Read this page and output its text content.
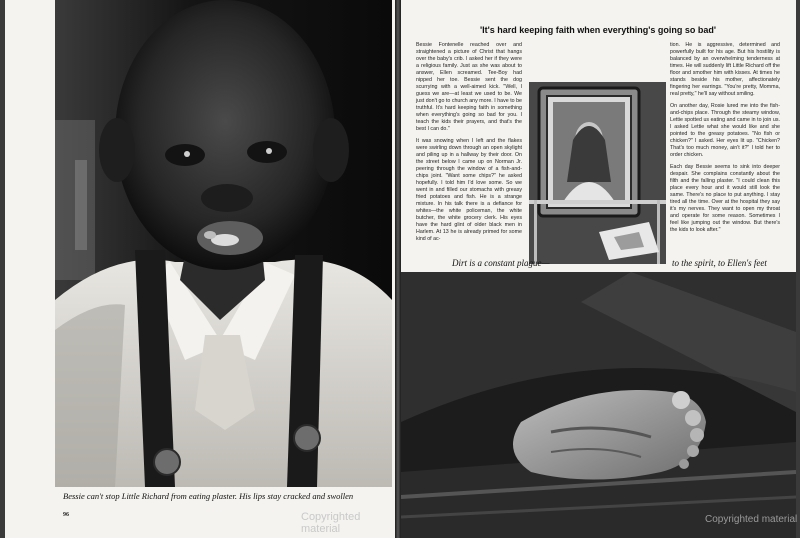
Bessie can't stop Little Richard from eating plaster. His lips stay cracked and swollen
96	Copyrighted material
'It's hard keeping faith when everything's going so bad'

Bessie Fontenelle reached over and straightened a picture of Christ that hangs over the baby's crib. I asked her if they were a religious family. Just as she was about to answer, Ellen screamed. Tee-Boy had nipped her toe. Bessie sent the dog scurrying with a well-aimed kick. "Well, I guess we are—at least we used to be. We just don't go to church any more. I have to be truthful. It's hard keeping faith in something when everything's going so bad for you. I teach the kids their prayers, and that's the best I can do."

It was snowing when I left and the flakes were swirling down through an open skylight and piling up in a hallway by their door. On the street below I came up on Norman Jr. peering through the window of a fish-and-chips joint. "Want some chips?" he asked hopefully. I told him I'd love some. So we went in and filled our stomachs with greasy fried potatoes and fish. He is a strange mixture. In his talk there is a defiance for whites—the white policeman, the white butcher, the white grocery clerk. His eyes have the hard glint of older black men in Harlem. At 13 he is already primed for some kind of ac-

tion. He is aggressive, determined and powerfully built for his age. But his hostility is balanced by an overwhelming tenderness at times. He will suddenly lift Little Richard off the floor and smother him with kisses. At times he stands beside his mother, affectionately fingering her earrings. "You're pretty, Momma, real pretty," he'll say without smiling.

On another day, Rosie lured me into the fish-and-chips place. Through the steamy window, Lettie spotted us eating and came in to join us. I asked Lettie what she would like and she pointed to the greasy potatoes. "No fish or chicken?" I asked. Her eyes lit up. "Chicken? That's too much money, ain't it?" I told her to order chicken.

Each day Bessie seems to sink into deeper despair. She complains constantly about the filth and the falling plaster. "I could clean this place every hour and it would still look the same. There's no place to put anything. I stay tired all the time. Over at the hospital they say it's my nerves. They want to open my throat and operate for some reason. Sometimes I feel like jumping out the window. But there's the kids to look after."

Dirt is a constant plague—	to the spirit, to Ellen's feet
Copyrighted material
